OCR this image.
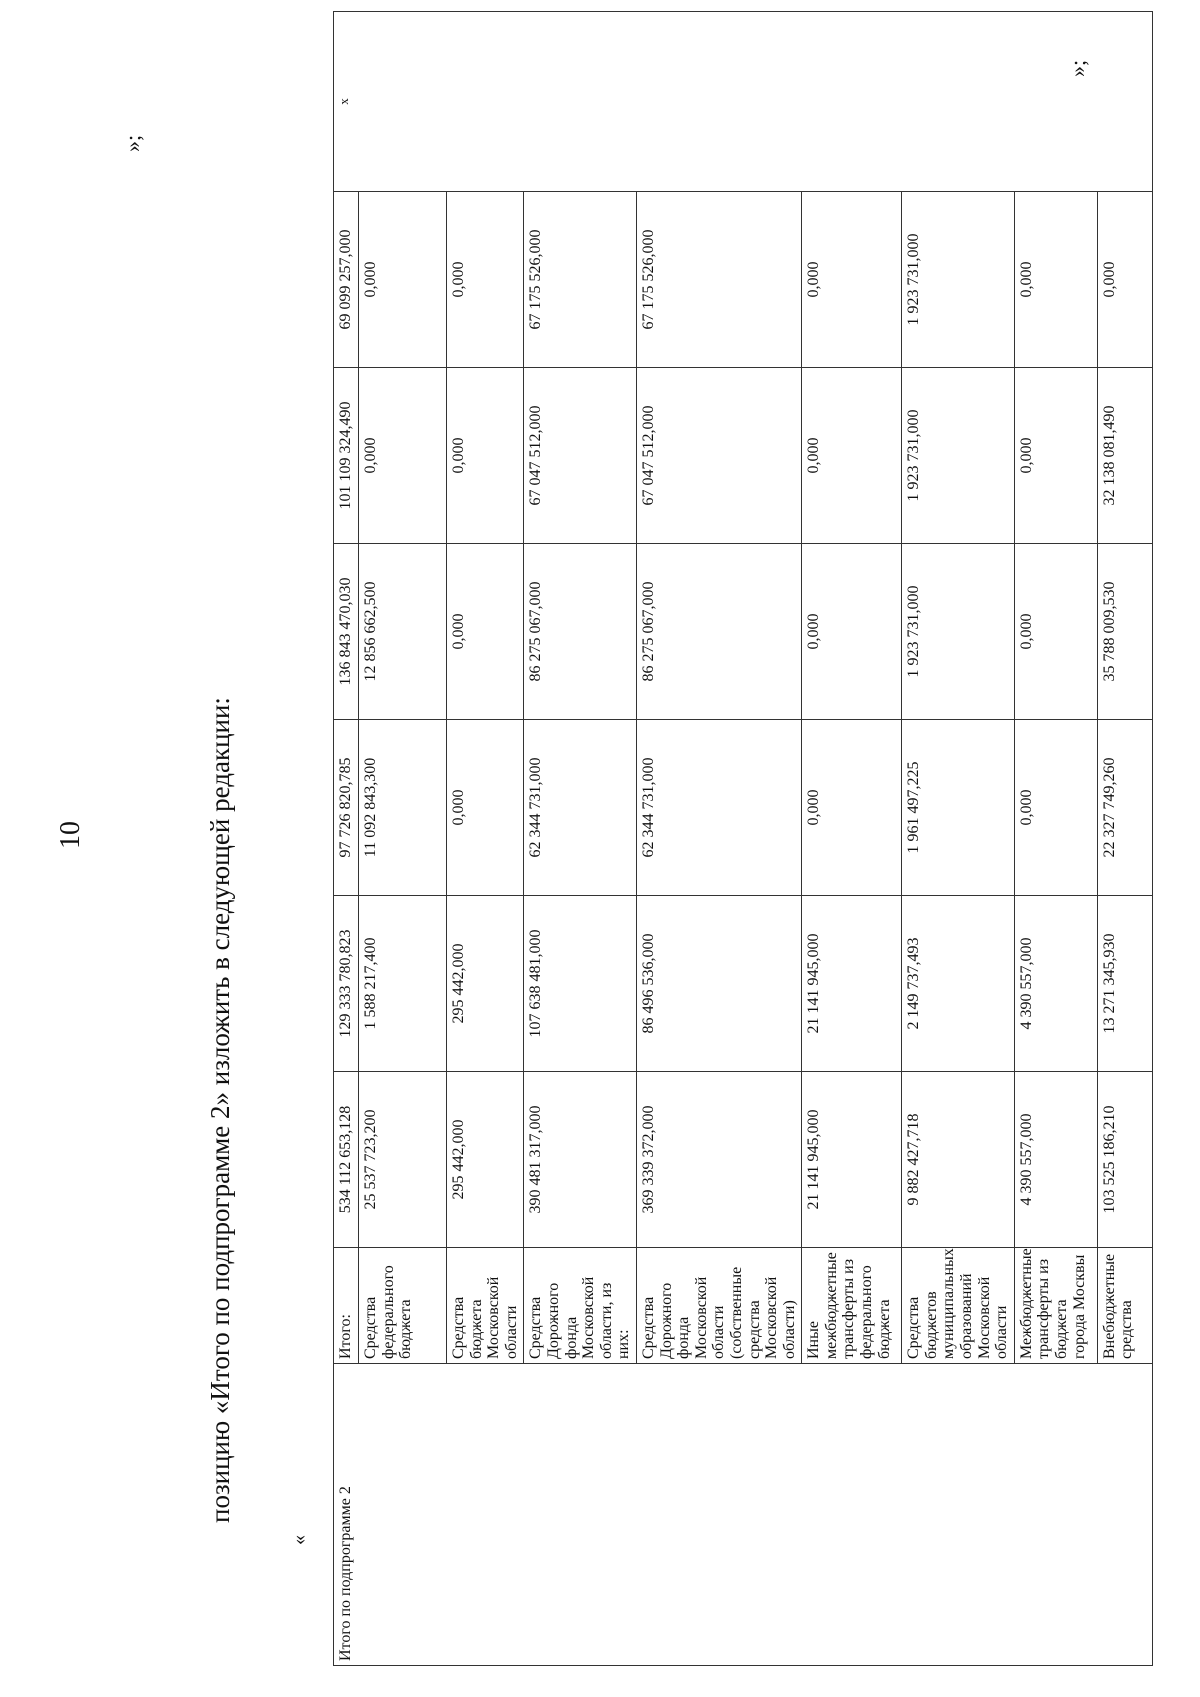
10
»;
позицию «Итого по подпрограмме 2» изложить в следующей редакции:
« Итого по подпрограмме 2	Итого:	534 112 653,128	129 333 780,823	97 726 820,785	136 843 470,030	101 109 324,490	69 099 257,000	x
	Средства федерального бюджета	25 537 723,200	1 588 217,400	11 092 843,300	12 856 662,500	0,000	0,000	
	Средства бюджета Московской области	295 442,000	295 442,000	0,000	0,000	0,000	0,000	
	Средства Дорожного фонда Московской области, из них:	390 481 317,000	107 638 481,000	62 344 731,000	86 275 067,000	67 047 512,000	67 175 526,000	
	Средства Дорожного фонда Московской области (собственные средства Московской области)	369 339 372,000	86 496 536,000	62 344 731,000	86 275 067,000	67 047 512,000	67 175 526,000	
	Иные межбюджетные трансферты из федерального бюджета	21 141 945,000	21 141 945,000	0,000	0,000	0,000	0,000	
	Средства бюджетов муниципальных образований Московской области	9 882 427,718	2 149 737,493	1 961 497,225	1 923 731,000	1 923 731,000	1 923 731,000	
	Межбюджетные трансферты из бюджета города Москвы	4 390 557,000	4 390 557,000	0,000	0,000	0,000	0,000	
	Внебюджетные средства	103 525 186,210	13 271 345,930	22 327 749,260	35 788 009,530	32 138 081,490	0,000	
»;
